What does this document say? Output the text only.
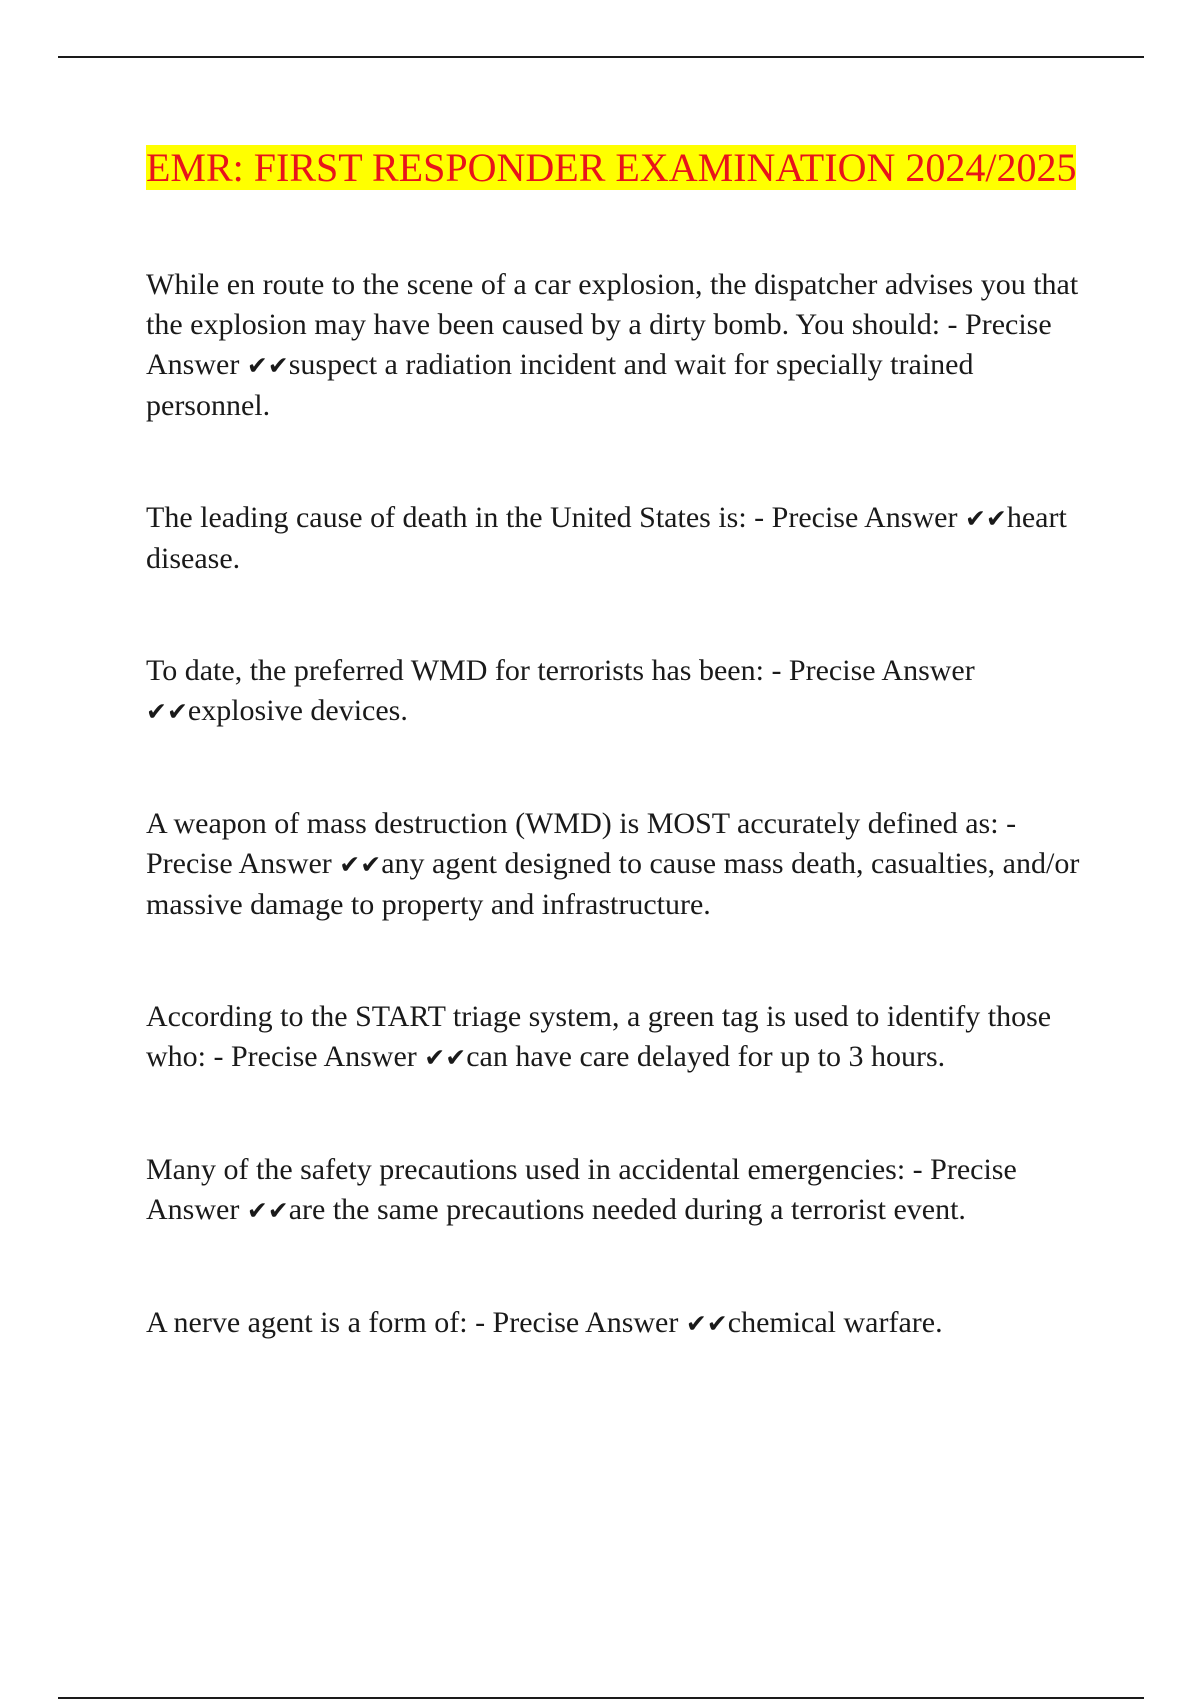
EMR: FIRST RESPONDER EXAMINATION 2024/2025

While en route to the scene of a car explosion, the dispatcher advises you that the explosion may have been caused by a dirty bomb. You should: - Precise Answer ✔✔suspect a radiation incident and wait for specially trained personnel.

The leading cause of death in the United States is: - Precise Answer ✔✔heart disease.

To date, the preferred WMD for terrorists has been: - Precise Answer ✔✔explosive devices.

A weapon of mass destruction (WMD) is MOST accurately defined as: - Precise Answer ✔✔any agent designed to cause mass death, casualties, and/or massive damage to property and infrastructure.

According to the START triage system, a green tag is used to identify those who: - Precise Answer ✔✔can have care delayed for up to 3 hours.

Many of the safety precautions used in accidental emergencies: - Precise Answer ✔✔are the same precautions needed during a terrorist event.

A nerve agent is a form of: - Precise Answer ✔✔chemical warfare.
